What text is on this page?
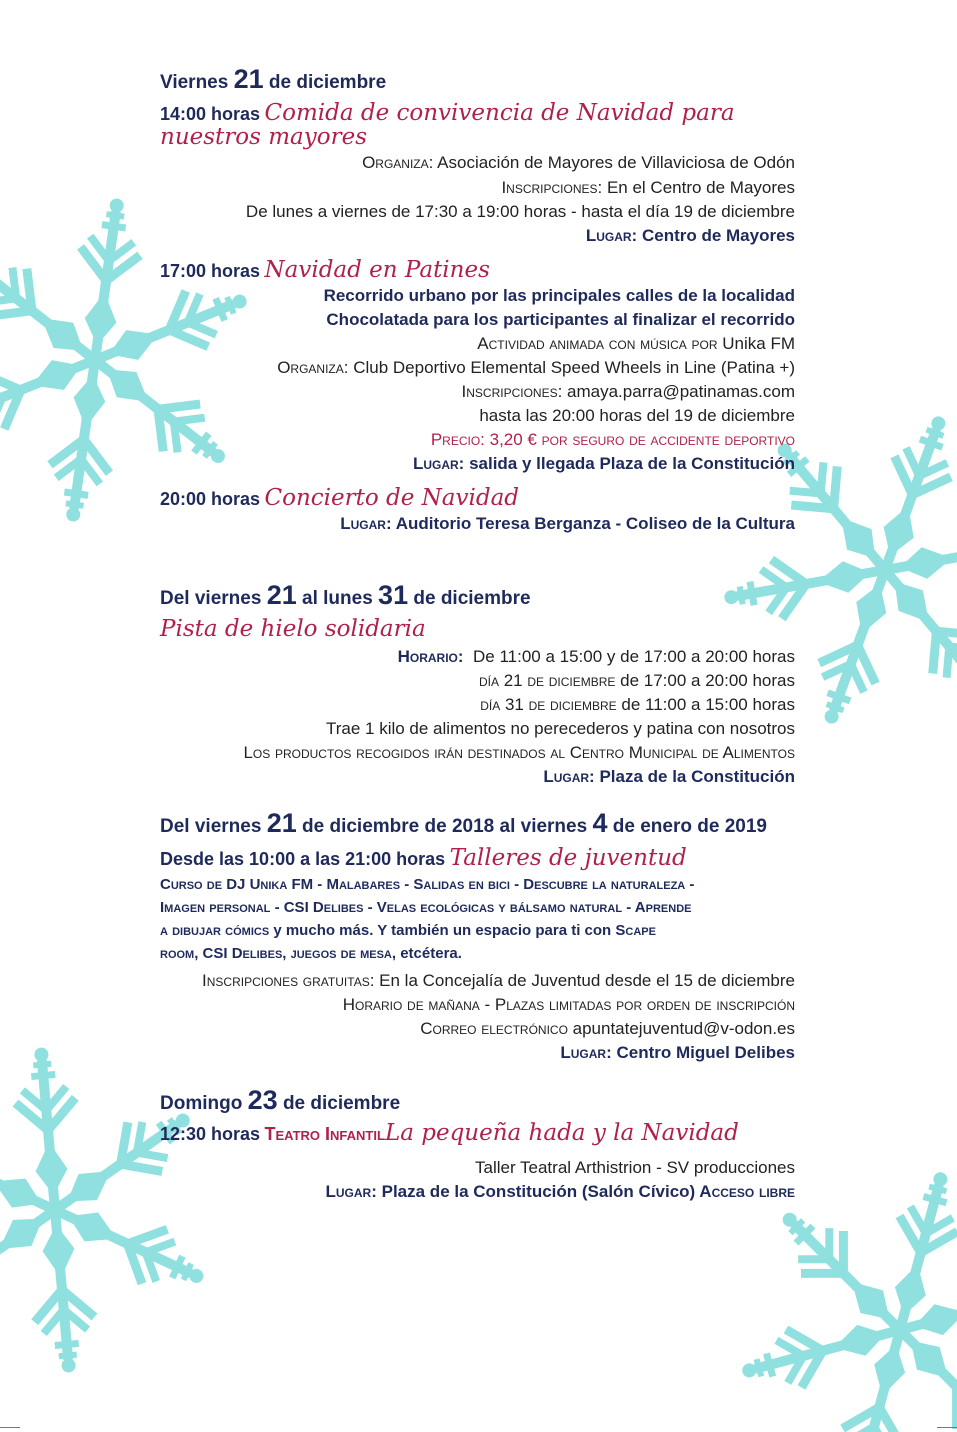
Viernes 21 de diciembre
14:00 horas Comida de convivencia de Navidad para
nuestros mayores
Organiza: Asociación de Mayores de Villaviciosa de Odón
Inscripciones: En el Centro de Mayores
De lunes a viernes de 17:30 a 19:00 horas - hasta el día 19 de diciembre
Lugar: Centro de Mayores
17:00 horas Navidad en Patines
Recorrido urbano por las principales calles de la localidad
Chocolatada para los participantes al finalizar el recorrido
Actividad animada con música por Unika FM
Organiza: Club Deportivo Elemental Speed Wheels in Line (Patina +)
Inscripciones: amaya.parra@patinamas.com
hasta las 20:00 horas del 19 de diciembre
Precio: 3,20 € por seguro de accidente deportivo
Lugar: salida y llegada Plaza de la Constitución
20:00 horas Concierto de Navidad
Lugar: Auditorio Teresa Berganza - Coliseo de la Cultura
Del viernes 21 al lunes 31 de diciembre
Pista de hielo solidaria
Horario: De 11:00 a 15:00 y de 17:00 a 20:00 horas
día 21 de diciembre de 17:00 a 20:00 horas
día 31 de diciembre de 11:00 a 15:00 horas
Trae 1 kilo de alimentos no perecederos y patina con nosotros
Los productos recogidos irán destinados al Centro Municipal de Alimentos
Lugar: Plaza de la Constitución
Del viernes 21 de diciembre de 2018 al viernes 4 de enero de 2019
Desde las 10:00 a las 21:00 horas Talleres de juventud
Curso de DJ Unika FM - Malabares - Salidas en bici - Descubre la naturaleza -
Imagen personal - CSI Delibes - Velas ecológicas y bálsamo natural - Aprende
a dibujar cómics y mucho más. Y también un espacio para ti con Scape
room, CSI Delibes, juegos de mesa, etcétera.
Inscripciones gratuitas: En la Concejalía de Juventud desde el 15 de diciembre
Horario de mañana - Plazas limitadas por orden de inscripción
Correo electrónico apuntatejuventud@v-odon.es
Lugar: Centro Miguel Delibes
Domingo 23 de diciembre
12:30 horas Teatro InfantilLa pequeña hada y la Navidad
Taller Teatral Arthistrion - SV producciones
Lugar: Plaza de la Constitución (Salón Cívico) Acceso libre
